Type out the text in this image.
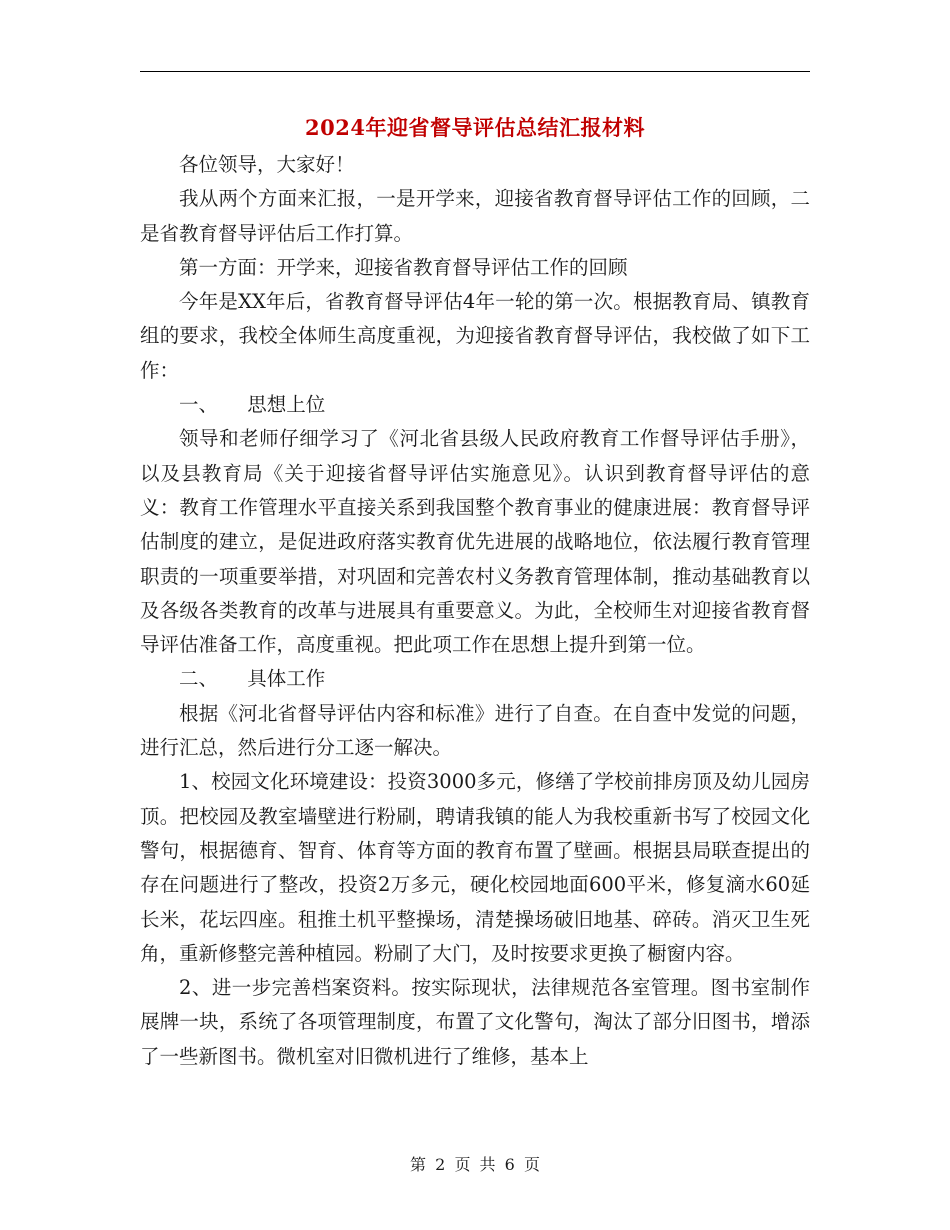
2024年迎省督导评估总结汇报材料

各位领导，大家好！

我从两个方面来汇报，一是开学来，迎接省教育督导评估工作的回顾，二是省教育督导评估后工作打算。

第一方面：开学来，迎接省教育督导评估工作的回顾

今年是XX年后，省教育督导评估4年一轮的第一次。根据教育局、镇教育组的要求，我校全体师生高度重视，为迎接省教育督导评估，我校做了如下工作：

一、　　思想上位

领导和老师仔细学习了《河北省县级人民政府教育工作督导评估手册》，以及县教育局《关于迎接省督导评估实施意见》。认识到教育督导评估的意义：教育工作管理水平直接关系到我国整个教育事业的健康进展：教育督导评估制度的建立，是促进政府落实教育优先进展的战略地位，依法履行教育管理职责的一项重要举措，对巩固和完善农村义务教育管理体制，推动基础教育以及各级各类教育的改革与进展具有重要意义。为此，全校师生对迎接省教育督导评估准备工作，高度重视。把此项工作在思想上提升到第一位。

二、　　具体工作

根据《河北省督导评估内容和标准》进行了自查。在自查中发觉的问题，进行汇总，然后进行分工逐一解决。

1、校园文化环境建设：投资3000多元，修缮了学校前排房顶及幼儿园房顶。把校园及教室墙壁进行粉刷，聘请我镇的能人为我校重新书写了校园文化警句，根据德育、智育、体育等方面的教育布置了壁画。根据县局联查提出的存在问题进行了整改，投资2万多元，硬化校园地面600平米，修复滴水60延长米，花坛四座。租推土机平整操场，清楚操场破旧地基、碎砖。消灭卫生死角，重新修整完善种植园。粉刷了大门，及时按要求更换了橱窗内容。

2、进一步完善档案资料。按实际现状，法律规范各室管理。图书室制作展牌一块，系统了各项管理制度，布置了文化警句，淘汰了部分旧图书，增添了一些新图书。微机室对旧微机进行了维修，基本上

第 2 页 共 6 页
